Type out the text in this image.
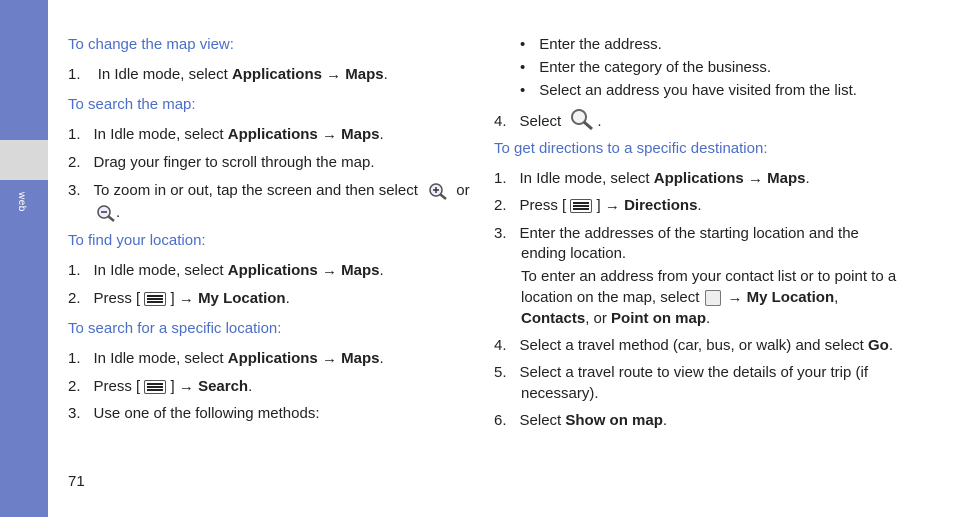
web
To change the map view:
1. In Idle mode, select Applications → Maps.
To search the map:
1. In Idle mode, select Applications → Maps.
2. Drag your finger to scroll through the map.
3. To zoom in or out, tap the screen and then select	or
.
To find your location:
1. In Idle mode, select Applications → Maps.
2. Press [ ] → My Location.
To search for a specific location:
1. In Idle mode, select Applications → Maps.
2. Press [ ] → Search.
3. Use one of the following methods:
71
• Enter the address.
• Enter the category of the business.
• Select an address you have visited from the list.
4. Select .
To get directions to a specific destination:
1. In Idle mode, select Applications → Maps.
2. Press [ ] → Directions.
3. Enter the addresses of the starting location and the
ending location.
To enter an address from your contact list or to point to a
location on the map, select → My Location,
Contacts, or Point on map.
4. Select a travel method (car, bus, or walk) and select Go.
5. Select a travel route to view the details of your trip (if
necessary).
6. Select Show on map.
